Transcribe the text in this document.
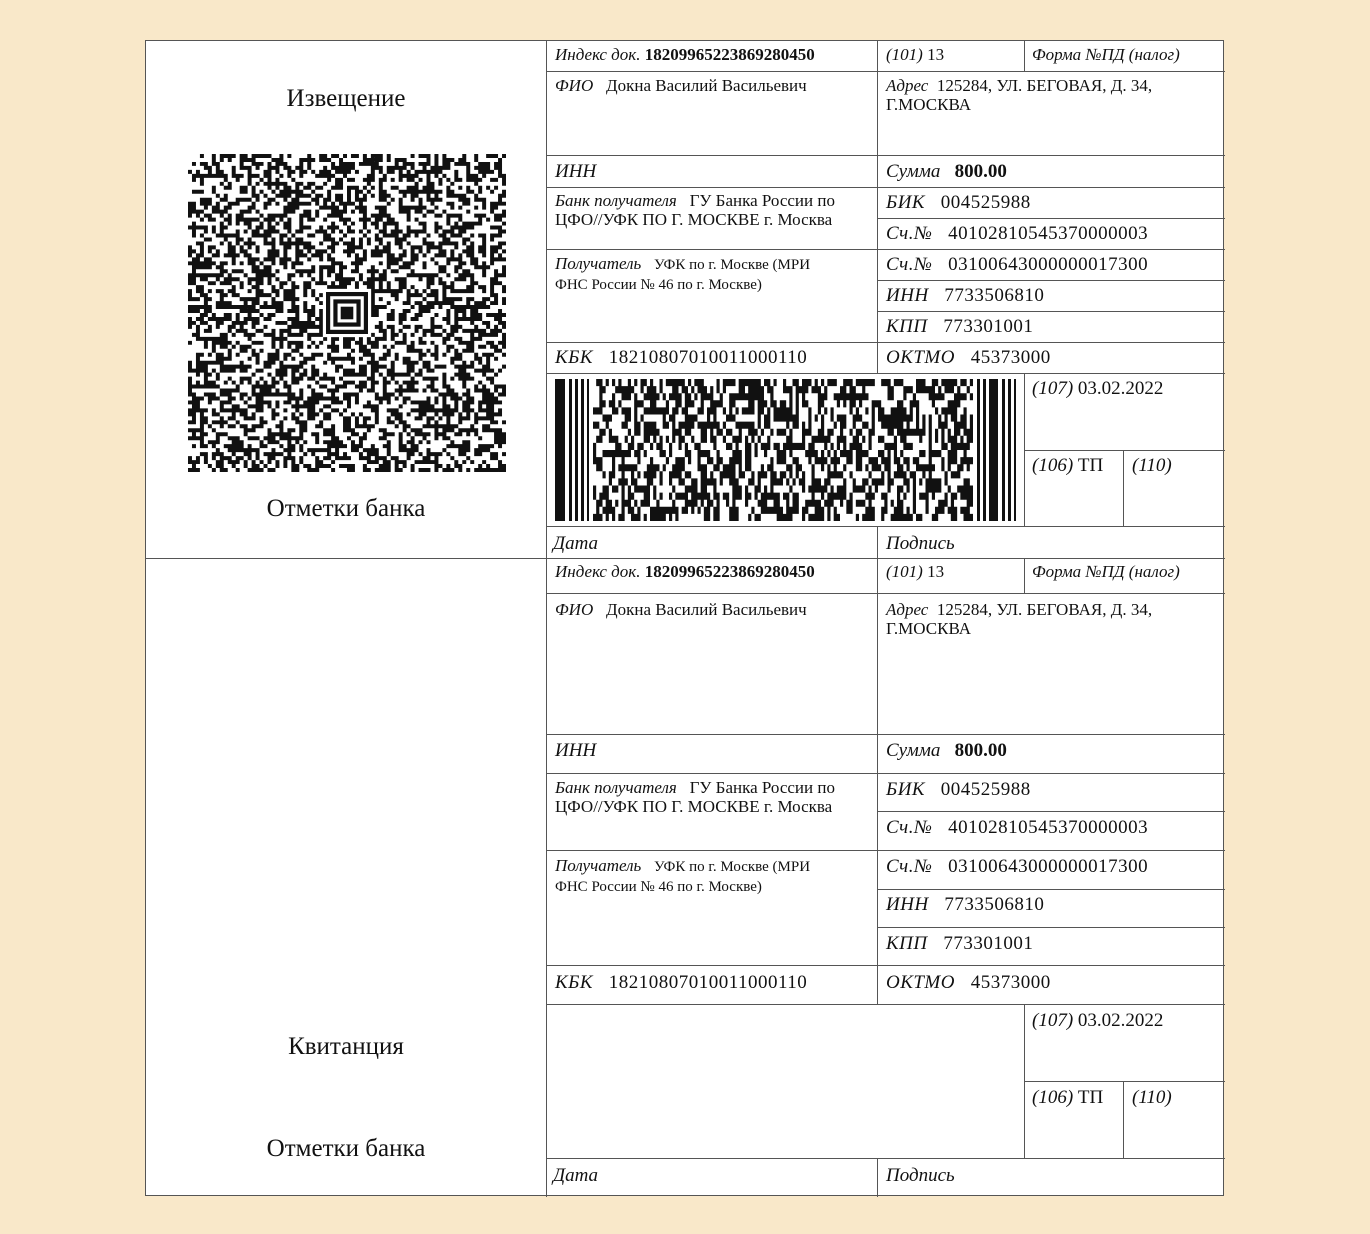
Извещение
Отметки банка
Квитанция
Отметки банка
Индекс док. 18209965223869280450	(101) 13	Форма №ПД (налог)
ФИО Докна Василий Васильевич	Адрес 125284, УЛ. БЕГОВАЯ, Д. 34,
Г.МОСКВА
ИНН	Сумма 800.00
Банк получателя ГУ Банка России по
ЦФО//УФК ПО Г. МОСКВЕ г. Москва
БИК 004525988
Сч.№ 40102810545370000003
Получатель УФК по г. Москве (МРИ
ФНС России № 46 по г. Москве)
Сч.№ 03100643000000017300
ИНН 7733506810
КПП 773301001
КБК 18210807010011000110	ОКТМО 45373000
(107) 03.02.2022
(106) ТП (110)
Дата	Подпись
Индекс док. 18209965223869280450	(101) 13	Форма №ПД (налог)
ФИО Докна Василий Васильевич	Адрес 125284, УЛ. БЕГОВАЯ, Д. 34,
Г.МОСКВА
ИНН	Сумма 800.00
Банк получателя ГУ Банка России по
ЦФО//УФК ПО Г. МОСКВЕ г. Москва
БИК 004525988
Сч.№ 40102810545370000003
Получатель УФК по г. Москве (МРИ
ФНС России № 46 по г. Москве)
Сч.№ 03100643000000017300
ИНН 7733506810
КПП 773301001
КБК 18210807010011000110	ОКТМО 45373000
(107) 03.02.2022
(106) ТП (110)
Дата	Подпись
